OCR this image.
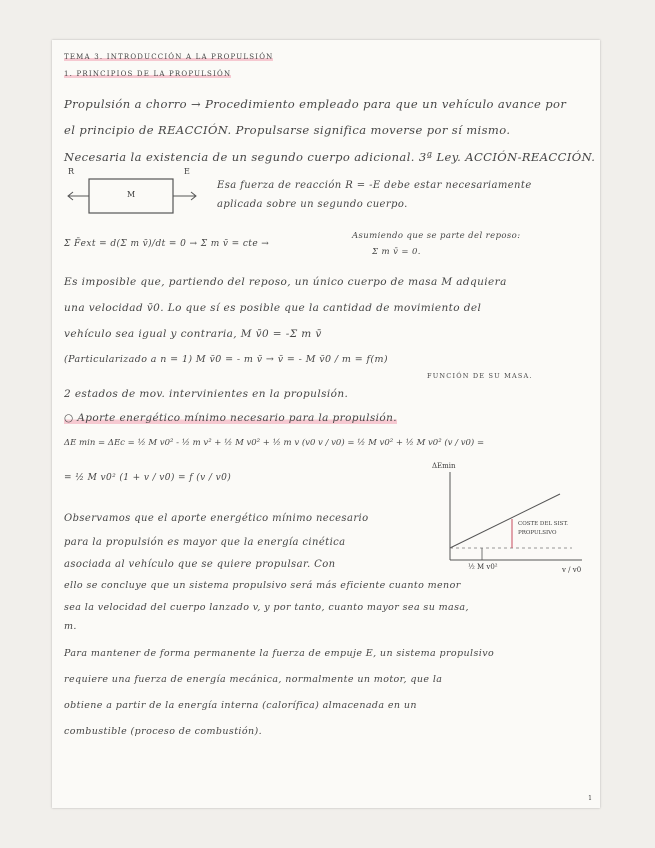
TEMA 3. INTRODUCCIÓN A LA PROPULSIÓN
1. PRINCIPIOS DE LA PROPULSIÓN
Propulsión a chorro → Procedimiento empleado para que un vehículo avance por
el principio de REACCIÓN. Propulsarse significa moverse por sí mismo.
Necesaria la existencia de un segundo cuerpo adicional. 3ª Ley. ACCIÓN-REACCIÓN.
R	E
M
Esa fuerza de reacción R = -E debe estar necesariamente
aplicada sobre un segundo cuerpo.
Σ F̄ext = d(Σ m v̄)/dt = 0 → Σ m v̄ = cte →
Asumiendo que se parte del reposo:
Σ m v̄ = 0.
Es imposible que, partiendo del reposo, un único cuerpo de masa M adquiera
una velocidad v̄0. Lo que sí es posible que la cantidad de movimiento del
vehículo sea igual y contraria, M v̄0 = -Σ m v̄
(Particularizado a n = 1) M v̄0 = - m v̄ → v̄ = - M v̄0 / m = f(m)
FUNCIÓN DE SU MASA.
2 estados de mov. intervinientes en la propulsión.
○ Aporte energético mínimo necesario para la propulsión.
ΔE min = ΔEc = ½ M v0² - ½ m v² + ½ M v0² + ½ m v (v0 v / v0) = ½ M v0² + ½ M v0² (v / v0) =
= ½ M v0² (1 + v / v0) = f (v / v0)
ΔEmin
v / v0
COSTE DEL SIST. PROPULSIVO
½ M v0²
Observamos que el aporte energético mínimo necesario
para la propulsión es mayor que la energía cinética
asociada al vehículo que se quiere propulsar. Con
ello se concluye que un sistema propulsivo será más eficiente cuanto menor
sea la velocidad del cuerpo lanzado v, y por tanto, cuanto mayor sea su masa,
m.
Para mantener de forma permanente la fuerza de empuje E, un sistema propulsivo
requiere una fuerza de energía mecánica, normalmente un motor, que la
obtiene a partir de la energía interna (calorífica) almacenada en un
combustible (proceso de combustión).
1
